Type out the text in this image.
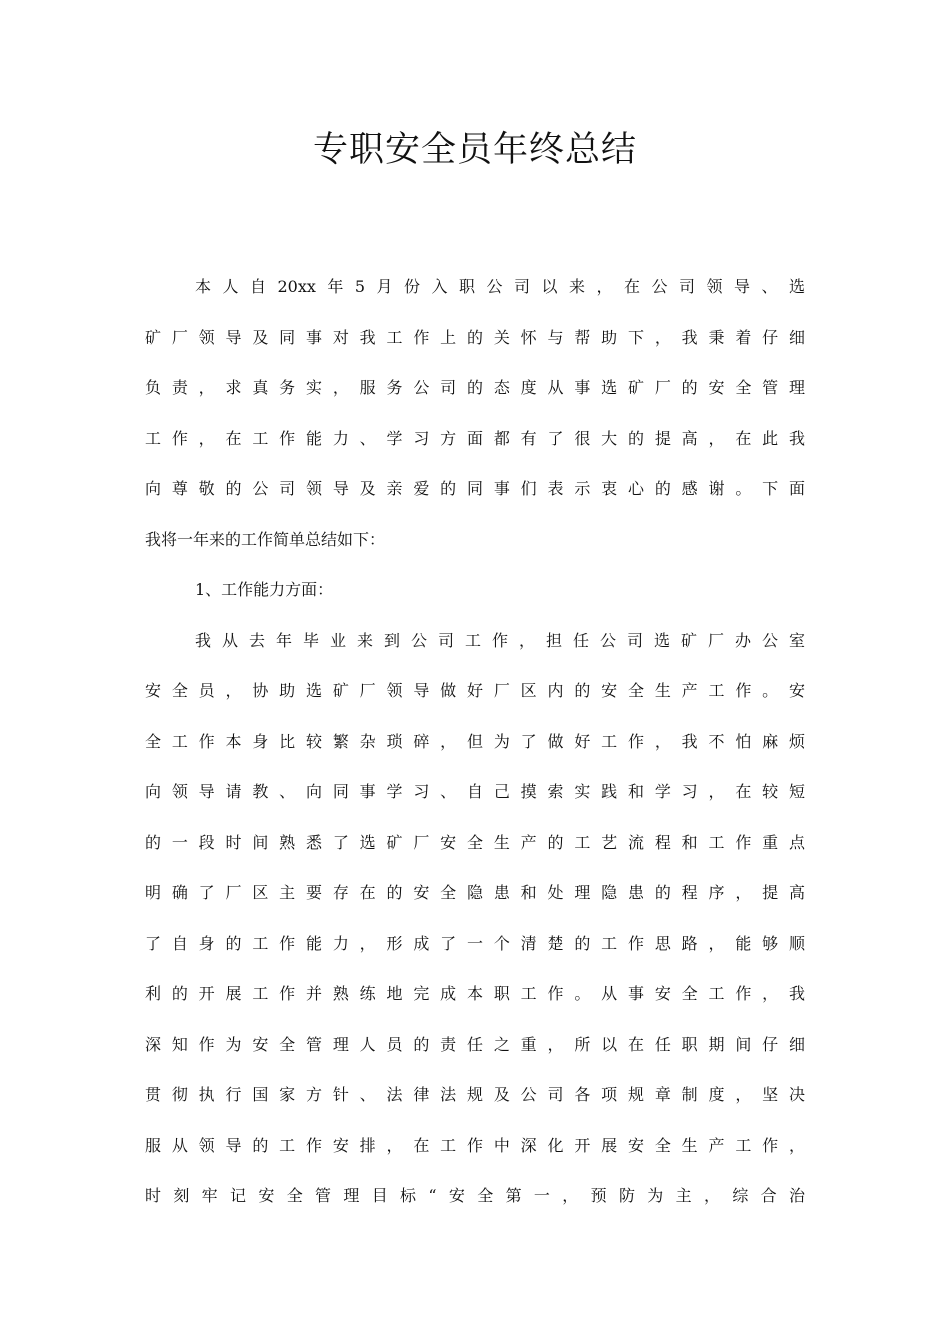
专职安全员年终总结
本人自20xx年5月份入职公司以来，在公司领导、选
矿厂领导及同事对我工作上的关怀与帮助下，我秉着仔细
负责，求真务实，服务公司的态度从事选矿厂的安全管理
工作，在工作能力、学习方面都有了很大的提高，在此我
向尊敬的公司领导及亲爱的同事们表示衷心的感谢。下面
我将一年来的工作简单总结如下：
1、工作能力方面：
我从去年毕业来到公司工作，担任公司选矿厂办公室
安全员，协助选矿厂领导做好厂区内的安全生产工作。安
全工作本身比较繁杂琐碎，但为了做好工作，我不怕麻烦
向领导请教、向同事学习、自己摸索实践和学习，在较短
的一段时间熟悉了选矿厂安全生产的工艺流程和工作重点
明确了厂区主要存在的安全隐患和处理隐患的程序，提高
了自身的工作能力，形成了一个清楚的工作思路，能够顺
利的开展工作并熟练地完成本职工作。从事安全工作，我
深知作为安全管理人员的责任之重，所以在任职期间仔细
贯彻执行国家方针、法律法规及公司各项规章制度，坚决
服从领导的工作安排，在工作中深化开展安全生产工作，
时刻牢记安全管理目标“安全第一，预防为主，综合治
